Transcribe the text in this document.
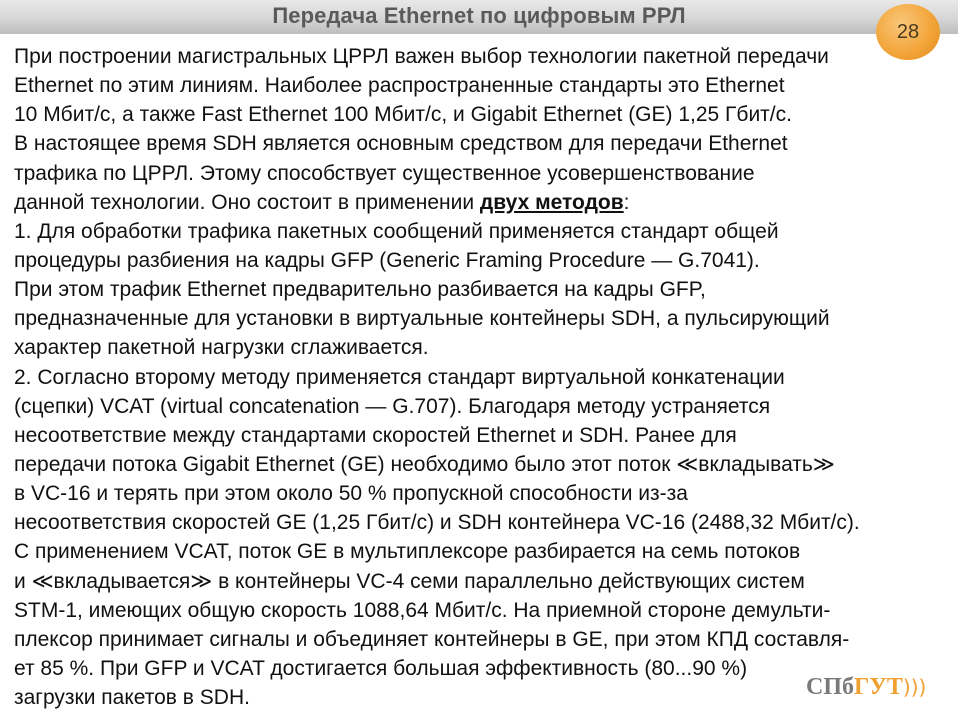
Передача Ethernet по цифровым РРЛ
28
При построении магистральных ЦРРЛ важен выбор технологии пакетной передачи
Ethernet по этим линиям. Наиболее распространенные стандарты это Ethernet
10 Мбит/с, а также Fast Ethernet 100 Мбит/с, и Gigabit Ethernet (GE) 1,25 Гбит/с.
В настоящее время SDH является основным средством для передачи Ethernet
трафика по ЦРРЛ. Этому способствует существенное усовершенствование
данной технологии. Оно состоит в применении двух методов:
1. Для обработки трафика пакетных сообщений применяется стандарт общей
процедуры разбиения на кадры GFP (Generic Framing Procedure — G.7041).
При этом трафик Ethernet предварительно разбивается на кадры GFP,
предназначенные для установки в виртуальные контейнеры SDH, а пульсирующий
характер пакетной нагрузки сглаживается.
2. Согласно второму методу применяется стандарт виртуальной конкатенации
(сцепки) VCAT (virtual concatenation — G.707). Благодаря методу устраняется
несоответствие между стандартами скоростей Ethernet и SDH. Ранее для
передачи потока Gigabit Ethernet (GE) необходимо было этот поток ≪вкладывать≫
в VC-16 и терять при этом около 50 % пропускной способности из-за
несоответствия скоростей GE (1,25 Гбит/с) и SDH контейнера VC-16 (2488,32 Мбит/с).
С применением VCAT, поток GE в мультиплексоре разбирается на семь потоков
и ≪вкладывается≫ в контейнеры VC-4 семи параллельно действующих систем
STM-1, имеющих общую скорость 1088,64 Мбит/с. На приемной стороне демульти-
плексор принимает сигналы и объединяет контейнеры в GE, при этом КПД составля-
ет 85 %. При GFP и VCAT достигается большая эффективность (80...90 %)
загрузки пакетов в SDH.	СПбГУТ)))
